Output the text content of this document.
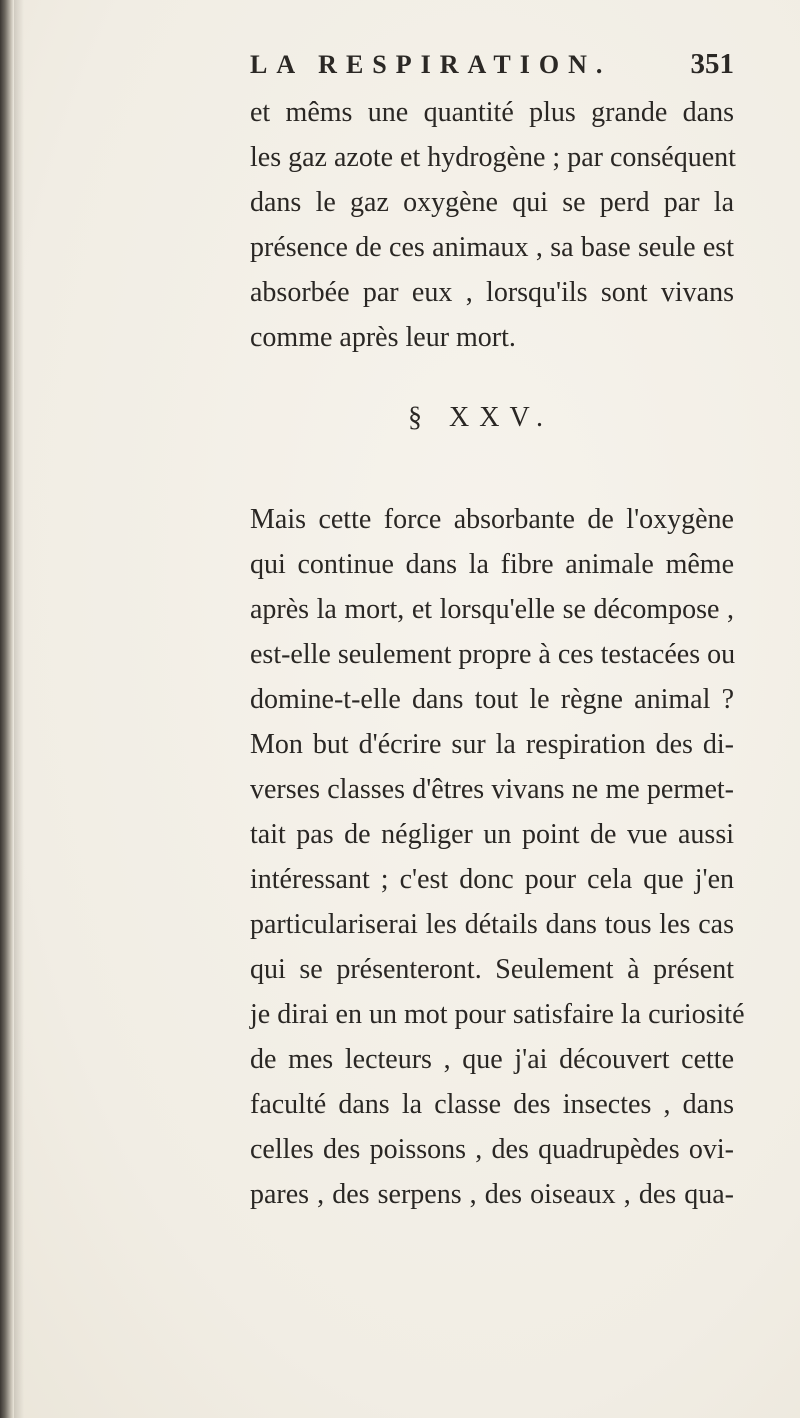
LA RESPIRATION.	351
et mêms une quantité plus grande dans
les gaz azote et hydrogène ; par conséquent
dans le gaz oxygène qui se perd par la
présence de ces animaux , sa base seule est
absorbée par eux , lorsqu'ils sont vivans
comme après leur mort.
§ XXV.
Mais cette force absorbante de l'oxygène
qui continue dans la fibre animale même
après la mort, et lorsqu'elle se décompose ,
est-elle seulement propre à ces testacées ou
domine-t-elle dans tout le règne animal ?
Mon but d'écrire sur la respiration des di-
verses classes d'êtres vivans ne me permet-
tait pas de négliger un point de vue aussi
intéressant ; c'est donc pour cela que j'en
particulariserai les détails dans tous les cas
qui se présenteront. Seulement à présent
je dirai en un mot pour satisfaire la curiosité
de mes lecteurs , que j'ai découvert cette
faculté dans la classe des insectes , dans
celles des poissons , des quadrupèdes ovi-
pares , des serpens , des oiseaux , des qua-
